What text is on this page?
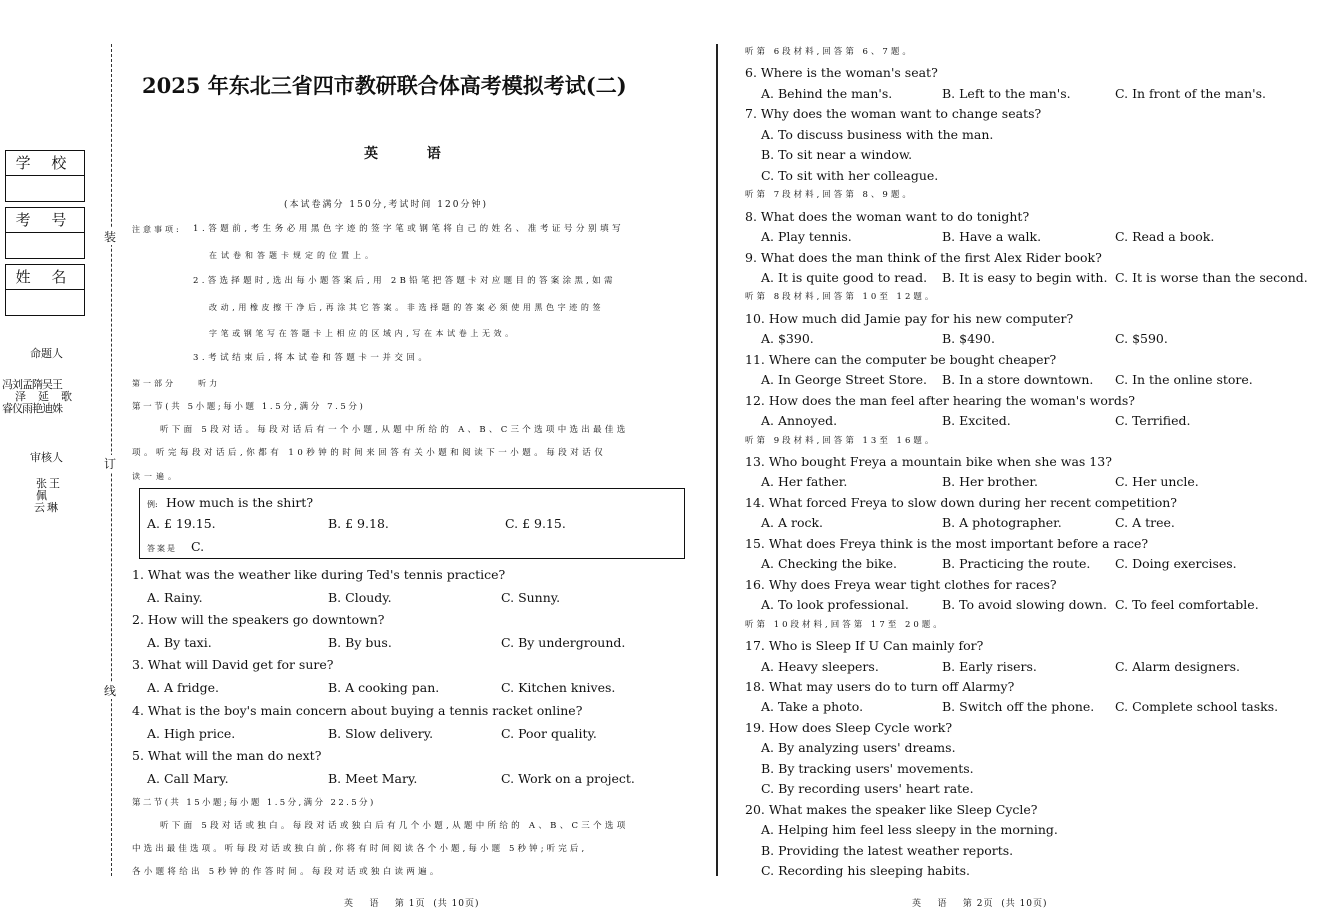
学 校
考 号
姓 名
命题人
冯刘孟隋吴王
泽延歌
睿仪雨艳迪姝
审核人
张王
佩
云琳
装
订
线
2025 年东北三省四市教研联合体高考模拟考试(二)
英          语
(本试卷满分 150分,考试时间 120分钟)
注意事项: 1.答题前,考生务必用黑色字迹的签字笔或钢笔将自己的姓名、准考证号分别填写
在试卷和答题卡规定的位置上。
2.答选择题时,选出每小题答案后,用 2B铅笔把答题卡对应题目的答案涂黑,如需
改动,用橡皮擦干净后,再涂其它答案。非选择题的答案必须使用黑色字迹的签
字笔或钢笔写在答题卡上相应的区域内,写在本试卷上无效。
3.考试结束后,将本试卷和答题卡一并交回。
第一部分    听力
第一节(共 5小题;每小题 1.5分,满分 7.5分)
听下面 5段对话。每段对话后有一个小题,从题中所给的 A、B、C三个选项中选出最佳选
项。听完每段对话后,你都有 10秒钟的时间来回答有关小题和阅读下一小题。每段对话仅
读一遍。
例: How much is the shirt?
A. £ 19.15.	B. £ 9.18.	C. £ 9.15.
答案是 C.
1. What was the weather like during Ted's tennis practice?
A. Rainy.	B. Cloudy.	C. Sunny.
2. How will the speakers go downtown?
A. By taxi.	B. By bus.	C. By underground.
3. What will David get for sure?
A. A fridge.	B. A cooking pan.	C. Kitchen knives.
4. What is the boy's main concern about buying a tennis racket online?
A. High price.	B. Slow delivery.	C. Poor quality.
5. What will the man do next?
A. Call Mary.	B. Meet Mary.	C. Work on a project.
第二节(共 15小题;每小题 1.5分,满分 22.5分)
听下面 5段对话或独白。每段对话或独白后有几个小题,从题中所给的 A、B、C三个选项
中选出最佳选项。听每段对话或独白前,你将有时间阅读各个小题,每小题 5秒钟;听完后,
各小题将给出 5秒钟的作答时间。每段对话或独白读两遍。
英    语    第 1页  (共 10页)
听第 6段材料,回答第 6、7题。
6. Where is the woman's seat?
A. Behind the man's.	B. Left to the man's.	C. In front of the man's.
7. Why does the woman want to change seats?
A. To discuss business with the man.
B. To sit near a window.
C. To sit with her colleague.
听第 7段材料,回答第 8、9题。
8. What does the woman want to do tonight?
A. Play tennis.	B. Have a walk.	C. Read a book.
9. What does the man think of the first Alex Rider book?
A. It is quite good to read. B. It is easy to begin with. C. It is worse than the second.
听第 8段材料,回答第 10至 12题。
10. How much did Jamie pay for his new computer?
A. $390.	B. $490.	C. $590.
11. Where can the computer be bought cheaper?
A. In George Street Store. B. In a store downtown. C. In the online store.
12. How does the man feel after hearing the woman's words?
A. Annoyed.	B. Excited.	C. Terrified.
听第 9段材料,回答第 13至 16题。
13. Who bought Freya a mountain bike when she was 13?
A. Her father.	B. Her brother.	C. Her uncle.
14. What forced Freya to slow down during her recent competition?
A. A rock.	B. A photographer.	C. A tree.
15. What does Freya think is the most important before a race?
A. Checking the bike.	B. Practicing the route. C. Doing exercises.
16. Why does Freya wear tight clothes for races?
A. To look professional.	B. To avoid slowing down. C. To feel comfortable.
听第 10段材料,回答第 17至 20题。
17. Who is Sleep If U Can mainly for?
A. Heavy sleepers.	B. Early risers.	C. Alarm designers.
18. What may users do to turn off Alarmy?
A. Take a photo.	B. Switch off the phone. C. Complete school tasks.
19. How does Sleep Cycle work?
A. By analyzing users' dreams.
B. By tracking users' movements.
C. By recording users' heart rate.
20. What makes the speaker like Sleep Cycle?
A. Helping him feel less sleepy in the morning.
B. Providing the latest weather reports.
C. Recording his sleeping habits.
英    语    第 2页  (共 10页)
